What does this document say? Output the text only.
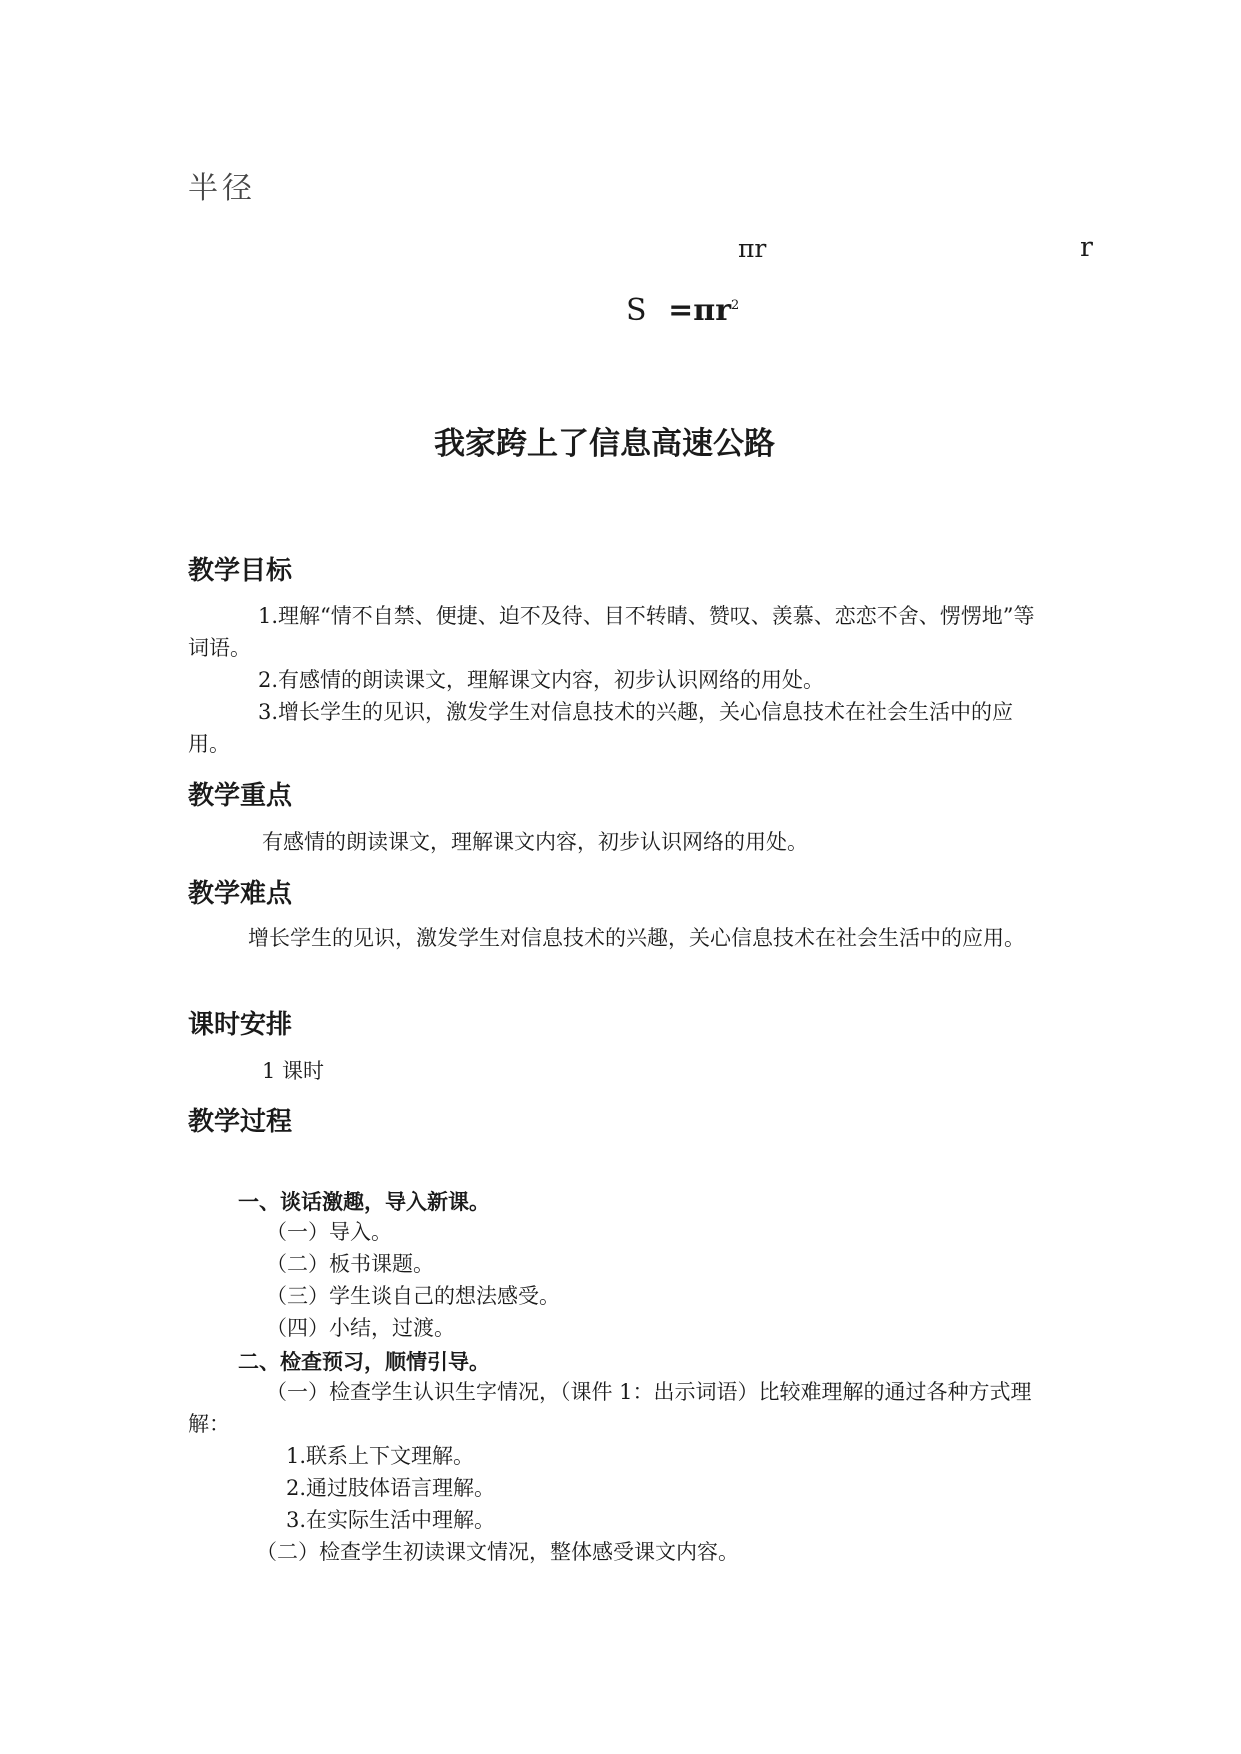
半径
πr	r
$S =\pi r^2$
我家跨上了信息高速公路
教学目标
1.理解“情不自禁、便捷、迫不及待、目不转睛、赞叹、羡慕、恋恋不舍、愣愣地”等词语。
2.有感情的朗读课文，理解课文内容，初步认识网络的用处。
3.增长学生的见识，激发学生对信息技术的兴趣，关心信息技术在社会生活中的应用。
教学重点
有感情的朗读课文，理解课文内容，初步认识网络的用处。
教学难点
增长学生的见识，激发学生对信息技术的兴趣，关心信息技术在社会生活中的应用。
课时安排
1 课时
教学过程
一、谈话激趣，导入新课。
（一）导入。
（二）板书课题。
（三）学生谈自己的想法感受。
（四）小结，过渡。
二、检查预习，顺情引导。
（一）检查学生认识生字情况，（课件 1：出示词语）比较难理解的通过各种方式理解：
1.联系上下文理解。
2.通过肢体语言理解。
3.在实际生活中理解。
（二）检查学生初读课文情况，整体感受课文内容。
